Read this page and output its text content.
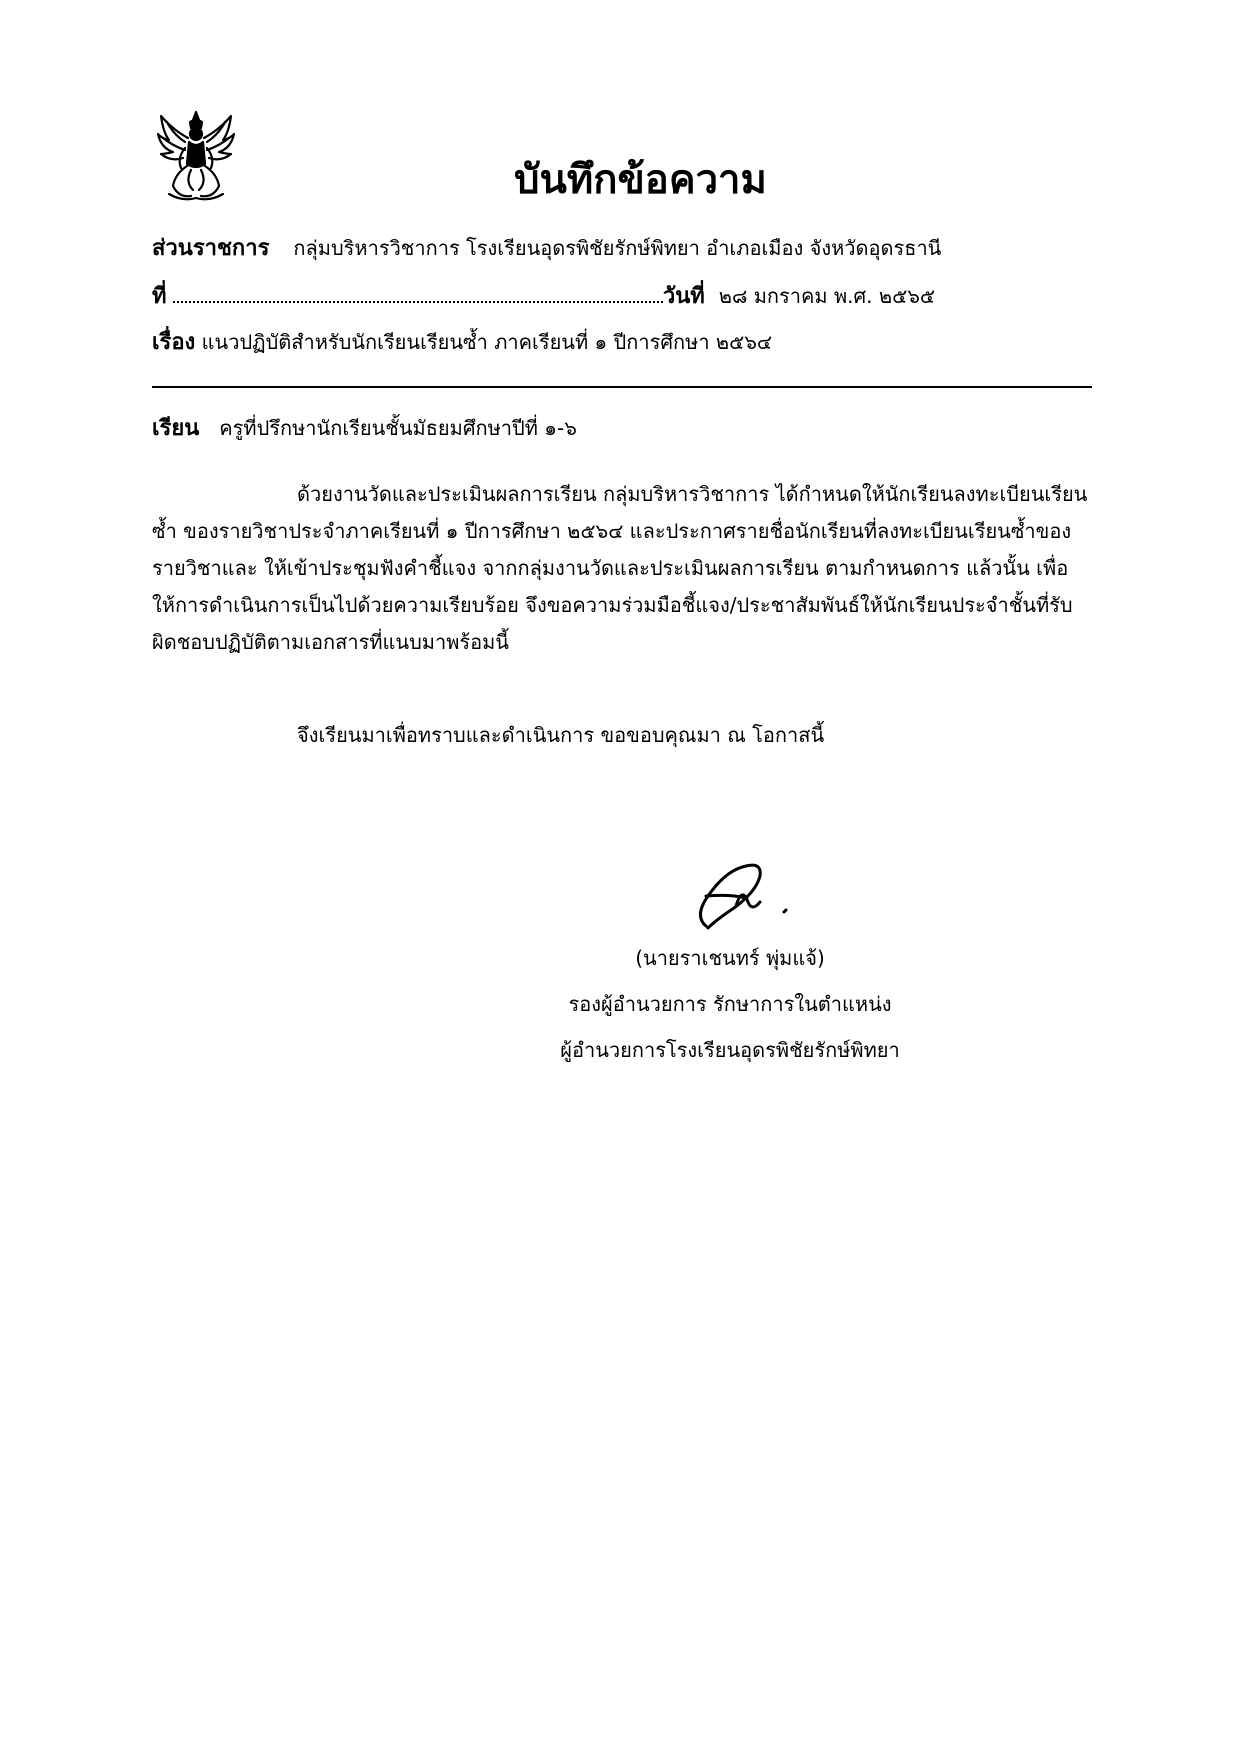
บันทึกข้อความ
ส่วนราชการ กลุ่มบริหารวิชาการ โรงเรียนอุดรพิชัยรักษ์พิทยา อำเภอเมือง จังหวัดอุดรธานี
ที่	วันที่ ๒๘ มกราคม พ.ศ. ๒๕๖๕
เรื่อง แนวปฏิบัติสำหรับนักเรียนเรียนซ้ำ ภาคเรียนที่ ๑ ปีการศึกษา ๒๕๖๔
เรียน ครูที่ปรึกษานักเรียนชั้นมัธยมศึกษาปีที่ ๑-๖
ด้วยงานวัดและประเมินผลการเรียน กลุ่มบริหารวิชาการ ได้กำหนดให้นักเรียนลงทะเบียนเรียนซ้ำ ของรายวิชาประจำภาคเรียนที่ ๑ ปีการศึกษา ๒๕๖๔ และประกาศรายชื่อนักเรียนที่ลงทะเบียนเรียนซ้ำของรายวิชาและ ให้เข้าประชุมฟังคำชี้แจง จากกลุ่มงานวัดและประเมินผลการเรียน ตามกำหนดการ แล้วนั้น เพื่อให้การดำเนินการเป็นไปด้วยความเรียบร้อย จึงขอความร่วมมือชี้แจง/ประชาสัมพันธ์ให้นักเรียนประจำชั้นที่รับผิดชอบปฏิบัติตามเอกสารที่แนบมาพร้อมนี้
จึงเรียนมาเพื่อทราบและดำเนินการ ขอขอบคุณมา ณ โอกาสนี้
(นายราเชนทร์ พุ่มแจ้)
รองผู้อำนวยการ รักษาการในตำแหน่ง
ผู้อำนวยการโรงเรียนอุดรพิชัยรักษ์พิทยา
